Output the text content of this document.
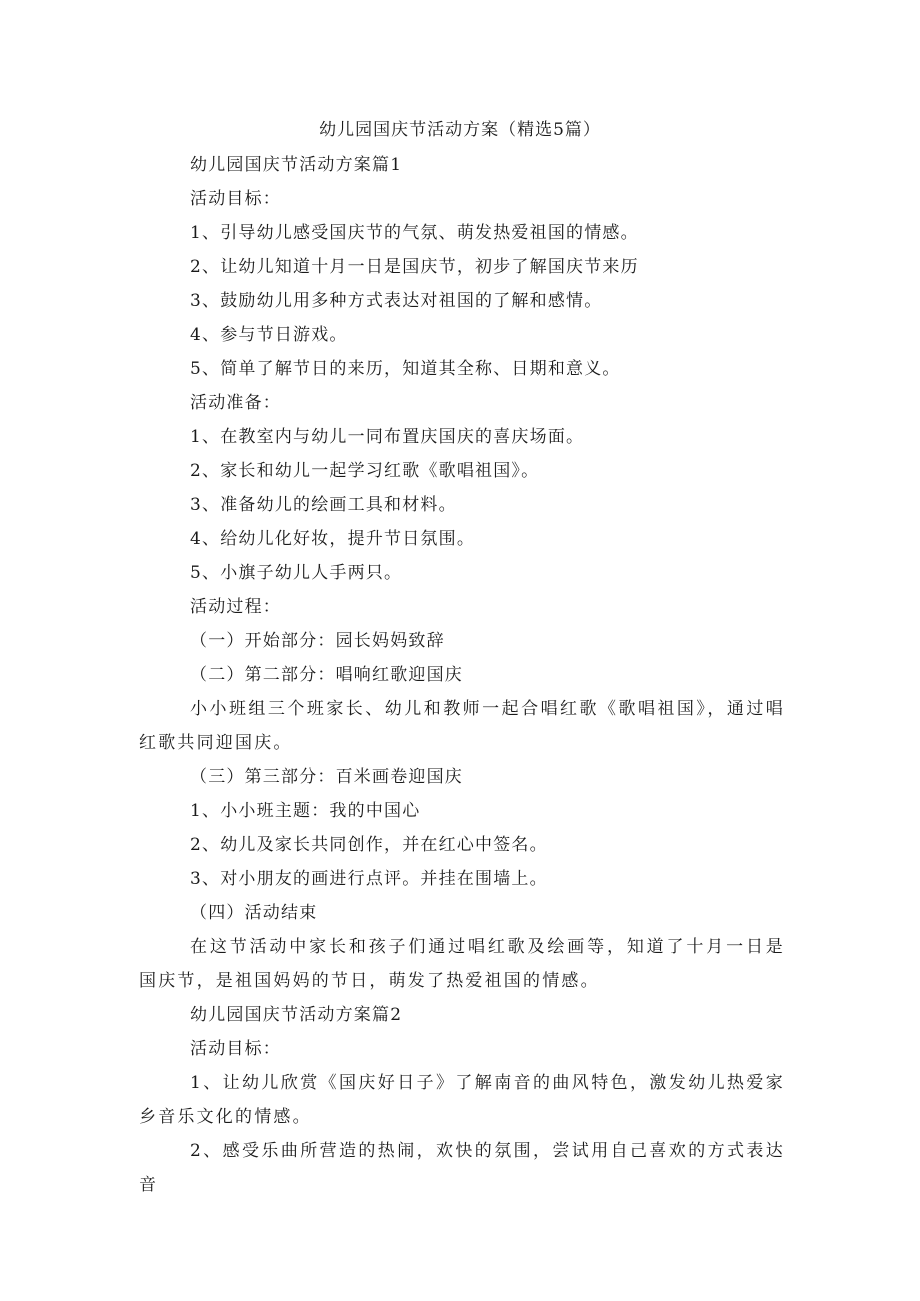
幼儿园国庆节活动方案（精选5篇）

幼儿园国庆节活动方案篇1

活动目标：

1、引导幼儿感受国庆节的气氛、萌发热爱祖国的情感。

2、让幼儿知道十月一日是国庆节，初步了解国庆节来历

3、鼓励幼儿用多种方式表达对祖国的了解和感情。

4、参与节日游戏。

5、简单了解节日的来历，知道其全称、日期和意义。

活动准备：

1、在教室内与幼儿一同布置庆国庆的喜庆场面。

2、家长和幼儿一起学习红歌《歌唱祖国》。

3、准备幼儿的绘画工具和材料。

4、给幼儿化好妆，提升节日氛围。

5、小旗子幼儿人手两只。

活动过程：

（一）开始部分：园长妈妈致辞

（二）第二部分：唱响红歌迎国庆

小小班组三个班家长、幼儿和教师一起合唱红歌《歌唱祖国》，通过唱红歌共同迎国庆。

（三）第三部分：百米画卷迎国庆

1、小小班主题：我的中国心

2、幼儿及家长共同创作，并在红心中签名。

3、对小朋友的画进行点评。并挂在围墙上。

（四）活动结束

在这节活动中家长和孩子们通过唱红歌及绘画等，知道了十月一日是国庆节，是祖国妈妈的节日，萌发了热爱祖国的情感。

幼儿园国庆节活动方案篇2

活动目标：

1、让幼儿欣赏《国庆好日子》了解南音的曲风特色，激发幼儿热爱家乡音乐文化的情感。

2、感受乐曲所营造的热闹，欢快的氛围，尝试用自己喜欢的方式表达音
